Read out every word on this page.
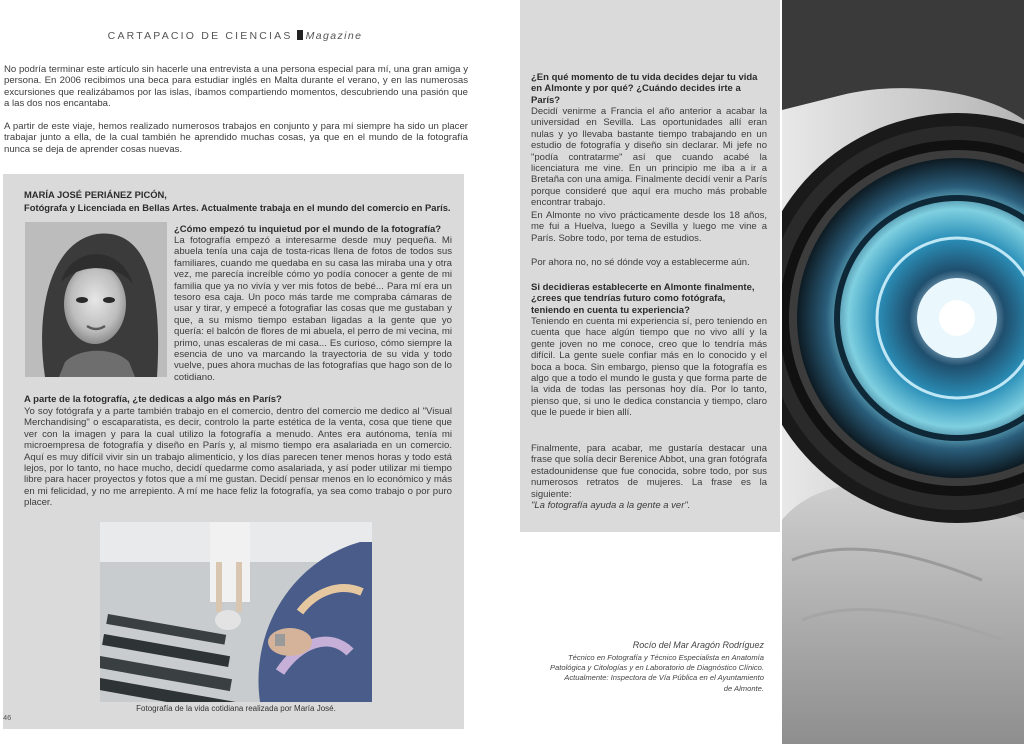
CARTAPACIO DE CIENCIAS Magazine

No podría terminar este artículo sin hacerle una entrevista a una persona especial para mí, una gran amiga y persona. En 2006 recibimos una beca para estudiar inglés en Malta durante el verano, y en las numerosas excursiones que realizábamos por las islas, íbamos compartiendo momentos, descubriendo una pasión que a las dos nos encantaba.

A partir de este viaje, hemos realizado numerosos trabajos en conjunto y para mí siempre ha sido un placer trabajar junto a ella, de la cual también he aprendido muchas cosas, ya que en el mundo de la fotografía nunca se deja de aprender cosas nuevas.

MARÍA JOSÉ PERIÁNEZ PICÓN,
Fotógrafa y Licenciada en Bellas Artes. Actualmente trabaja en el mundo del comercio en París.

¿Cómo empezó tu inquietud por el mundo de la fotografía?

La fotografía empezó a interesarme desde muy pequeña. Mi abuela tenía una caja de tosta-ricas llena de fotos de todos sus familiares, cuando me quedaba en su casa las miraba una y otra vez, me parecía increíble cómo yo podía conocer a gente de mi familia que ya no vivía y ver mis fotos de bebé... Para mí era un tesoro esa caja. Un poco más tarde me compraba cámaras de usar y tirar, y empecé a fotografiar las cosas que me gustaban y que, a su mismo tiempo estaban ligadas a la gente que yo quería: el balcón de flores de mi abuela, el perro de mi vecina, mi primo, unas escaleras de mi casa... Es curioso, cómo siempre la esencia de uno va marcando la trayectoria de su vida y todo vuelve, pues ahora muchas de las fotografías que hago son de lo cotidiano.

A parte de la fotografía, ¿te dedicas a algo más en París?

Yo soy fotógrafa y a parte también trabajo en el comercio, dentro del comercio me dedico al "Visual Merchandising" o escaparatista, es decir, controlo la parte estética de la venta, cosa que tiene que ver con la imagen y para la cual utilizo la fotografía a menudo. Antes era autónoma, tenía mi microempresa de fotografía y diseño en París y, al mismo tiempo era asalariada en un comercio. Aquí es muy difícil vivir sin un trabajo alimenticio, y los días parecen tener menos horas y todo está lejos, por lo tanto, no hace mucho, decidí quedarme como asalariada, y así poder utilizar mi tiempo libre para hacer proyectos y fotos que a mí me gustan. Decidí pensar menos en lo económico y más en mi felicidad, y no me arrepiento. A mí me hace feliz la fotografía, ya sea como trabajo o por puro placer.

Fotografía de la vida cotidiana realizada por María José.
46

¿En qué momento de tu vida decides dejar tu vida en Almonte y por qué? ¿Cuándo decides irte a París?

Decidí venirme a Francia el año anterior a acabar la universidad en Sevilla. Las oportunidades allí eran nulas y yo llevaba bastante tiempo trabajando en un estudio de fotografía y diseño sin declarar. Mi jefe no "podía contratarme" así que cuando acabé la licenciatura me vine. En un principio me iba a ir a Bretaña con una amiga. Finalmente decidí venir a París porque consideré que aquí era mucho más probable encontrar trabajo.

En Almonte no vivo prácticamente desde los 18 años, me fui a Huelva, luego a Sevilla y luego me vine a París. Sobre todo, por tema de estudios.

Por ahora no, no sé dónde voy a establecerme aún.

Si decidieras establecerte en Almonte finalmente, ¿crees que tendrías futuro como fotógrafa, teniendo en cuenta tu experiencia?

Teniendo en cuenta mi experiencia sí, pero teniendo en cuenta que hace algún tiempo que no vivo allí y la gente joven no me conoce, creo que lo tendría más difícil. La gente suele confiar más en lo conocido y el boca a boca. Sin embargo, pienso que la fotografía es algo que a todo el mundo le gusta y que forma parte de la vida de todas las personas hoy día. Por lo tanto, pienso que, si uno le dedica constancia y tiempo, claro que le puede ir bien allí.

Finalmente, para acabar, me gustaría destacar una frase que solía decir Berenice Abbot, una gran fotógrafa estadounidense que fue conocida, sobre todo, por sus numerosos retratos de mujeres. La frase es la siguiente:
"La fotografía ayuda a la gente a ver".

Rocío del Mar Aragón Rodríguez
Técnico en Fotografía y Técnico Especialista en Anatomía
Patológica y Citologías y en Laboratorio de Diagnóstico Clínico.
Actualmente: Inspectora de Vía Pública en el Ayuntamiento
de Almonte.
